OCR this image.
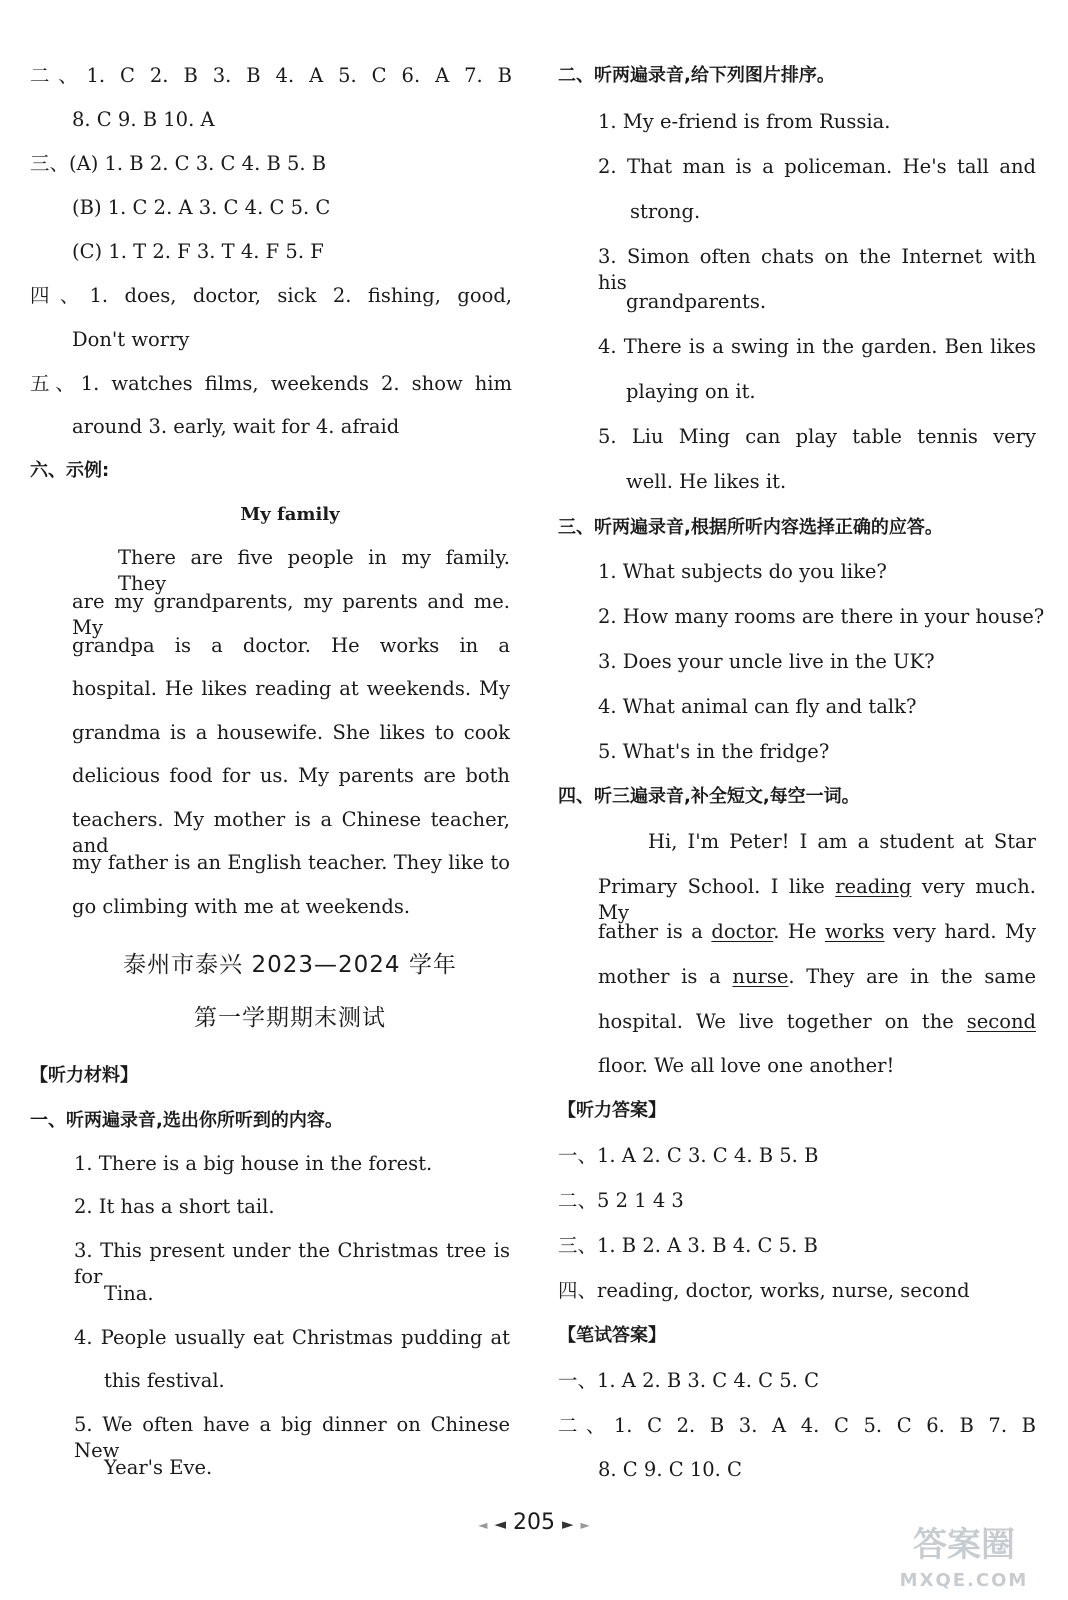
二、1. C 2. B 3. B 4. A 5. C 6. A 7. B
8. C 9. B 10. A
三、(A) 1. B 2. C 3. C 4. B 5. B
(B) 1. C 2. A 3. C 4. C 5. C
(C) 1. T 2. F 3. T 4. F 5. F
四、1. does, doctor, sick 2. fishing, good,
Don't worry
五、1. watches films, weekends 2. show him
around 3. early, wait for 4. afraid
六、示例:
My family
There are five people in my family. They
are my grandparents, my parents and me. My
grandpa is a doctor. He works in a
hospital. He likes reading at weekends. My
grandma is a housewife. She likes to cook
delicious food for us. My parents are both
teachers. My mother is a Chinese teacher, and
my father is an English teacher. They like to
go climbing with me at weekends.
泰州市泰兴 2023—2024 学年
第一学期期末测试
【听力材料】
一、听两遍录音,选出你所听到的内容。
1. There is a big house in the forest.
2. It has a short tail.
3. This present under the Christmas tree is for
Tina.
4. People usually eat Christmas pudding at
this festival.
5. We often have a big dinner on Chinese New
Year's Eve.
二、听两遍录音,给下列图片排序。
1. My e-friend is from Russia.
2. That man is a policeman. He's tall and
strong.
3. Simon often chats on the Internet with his
grandparents.
4. There is a swing in the garden. Ben likes
playing on it.
5. Liu Ming can play table tennis very
well. He likes it.
三、听两遍录音,根据所听内容选择正确的应答。
1. What subjects do you like?
2. How many rooms are there in your house?
3. Does your uncle live in the UK?
4. What animal can fly and talk?
5. What's in the fridge?
四、听三遍录音,补全短文,每空一词。
Hi, I'm Peter! I am a student at Star
Primary School. I like reading very much. My
father is a doctor. He works very hard. My
mother is a nurse. They are in the same
hospital. We live together on the second
floor. We all love one another!
【听力答案】
一、1. A 2. C 3. C 4. B 5. B
二、5 2 1 4 3
三、1. B 2. A 3. B 4. C 5. B
四、reading, doctor, works, nurse, second
【笔试答案】
一、1. A 2. B 3. C 4. C 5. C
二、1. C 2. B 3. A 4. C 5. C 6. B 7. B
8. C 9. C 10. C
◄ ◄ 205 ► ►	答案圈
MXQE.COM
